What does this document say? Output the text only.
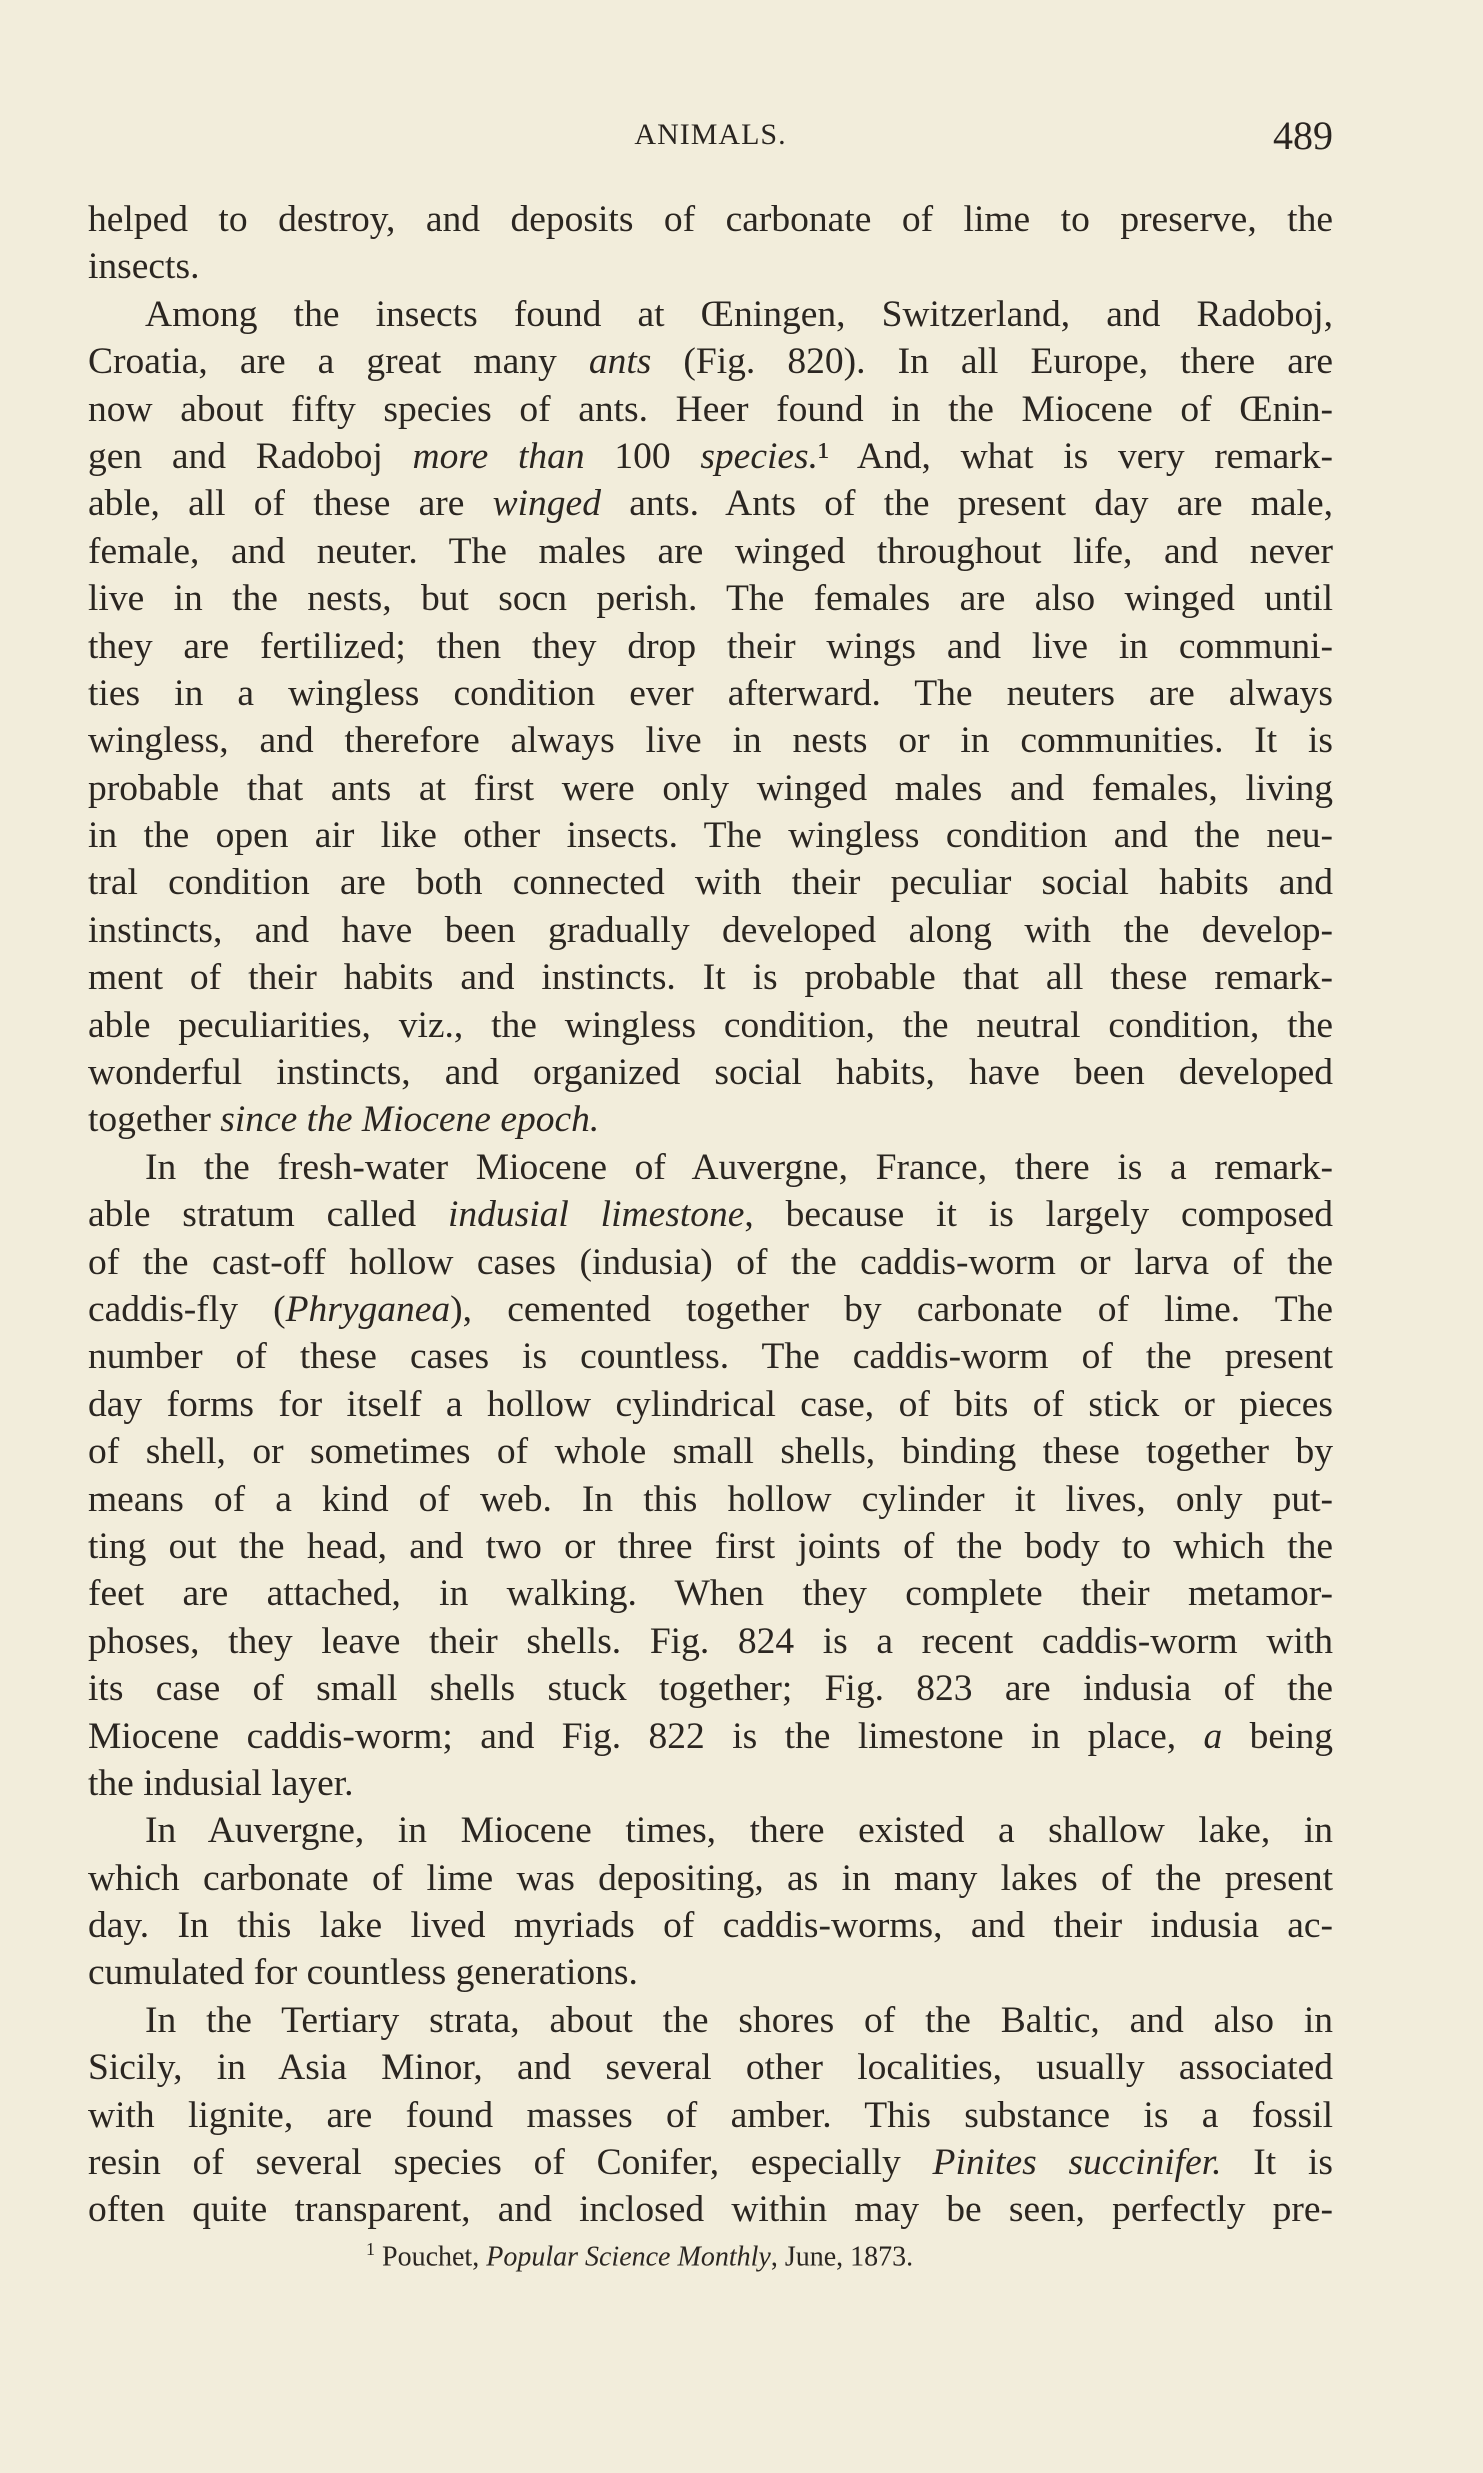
ANIMALS.	489
helped to destroy, and deposits of carbonate of lime to preserve, the
insects.
Among the insects found at Œningen, Switzerland, and Radoboj,
Croatia, are a great many ants (Fig. 820). In all Europe, there are
now about fifty species of ants. Heer found in the Miocene of Œnin-
gen and Radoboj more than 100 species.¹ And, what is very remark-
able, all of these are winged ants. Ants of the present day are male,
female, and neuter. The males are winged throughout life, and never
live in the nests, but socn perish. The females are also winged until
they are fertilized; then they drop their wings and live in communi-
ties in a wingless condition ever afterward. The neuters are always
wingless, and therefore always live in nests or in communities. It is
probable that ants at first were only winged males and females, living
in the open air like other insects. The wingless condition and the neu-
tral condition are both connected with their peculiar social habits and
instincts, and have been gradually developed along with the develop-
ment of their habits and instincts. It is probable that all these remark-
able peculiarities, viz., the wingless condition, the neutral condition, the
wonderful instincts, and organized social habits, have been developed
together since the Miocene epoch.
In the fresh-water Miocene of Auvergne, France, there is a remark-
able stratum called indusial limestone, because it is largely composed
of the cast-off hollow cases (indusia) of the caddis-worm or larva of the
caddis-fly (Phryganea), cemented together by carbonate of lime. The
number of these cases is countless. The caddis-worm of the present
day forms for itself a hollow cylindrical case, of bits of stick or pieces
of shell, or sometimes of whole small shells, binding these together by
means of a kind of web. In this hollow cylinder it lives, only put-
ting out the head, and two or three first joints of the body to which the
feet are attached, in walking. When they complete their metamor-
phoses, they leave their shells. Fig. 824 is a recent caddis-worm with
its case of small shells stuck together; Fig. 823 are indusia of the
Miocene caddis-worm; and Fig. 822 is the limestone in place, a being
the indusial layer.
In Auvergne, in Miocene times, there existed a shallow lake, in
which carbonate of lime was depositing, as in many lakes of the present
day. In this lake lived myriads of caddis-worms, and their indusia ac-
cumulated for countless generations.
In the Tertiary strata, about the shores of the Baltic, and also in
Sicily, in Asia Minor, and several other localities, usually associated
with lignite, are found masses of amber. This substance is a fossil
resin of several species of Conifer, especially Pinites succinifer. It is
often quite transparent, and inclosed within may be seen, perfectly pre-
$^1$ Pouchet, Popular Science Monthly, June, 1873.
